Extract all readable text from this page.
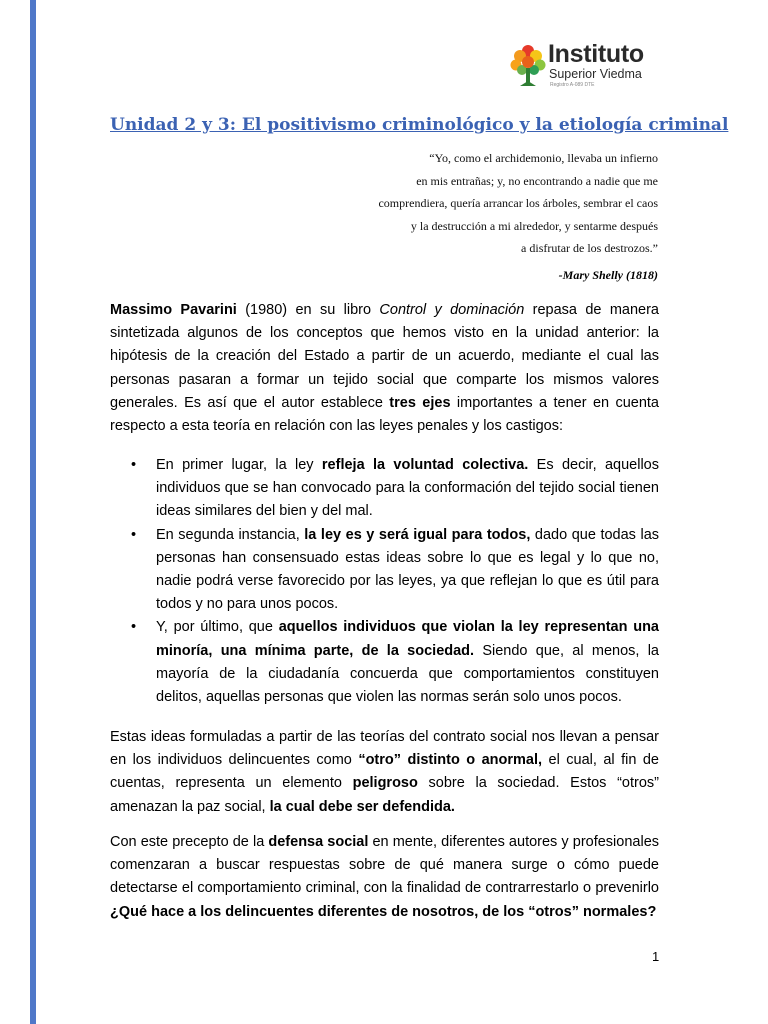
Instituto
Superior Viedma
Registro A-089 DTE
Unidad 2 y 3: El positivismo criminológico y la etiología criminal
“Yo, como el archidemonio, llevaba un infierno
en mis entrañas; y, no encontrando a nadie que me
comprendiera, quería arrancar los árboles, sembrar el caos
y la destrucción a mi alrededor, y sentarme después
a disfrutar de los destrozos.”
-Mary Shelly (1818)

Massimo Pavarini (1980) en su libro Control y dominación repasa de manera sintetizada algunos de los conceptos que hemos visto en la unidad anterior: la hipótesis de la creación del Estado a partir de un acuerdo, mediante el cual las personas pasaran a formar un tejido social que comparte los mismos valores generales. Es así que el autor establece tres ejes importantes a tener en cuenta respecto a esta teoría en relación con las leyes penales y los castigos:

• En primer lugar, la ley refleja la voluntad colectiva. Es decir, aquellos individuos que se han convocado para la conformación del tejido social tienen ideas similares del bien y del mal.
• En segunda instancia, la ley es y será igual para todos, dado que todas las personas han consensuado estas ideas sobre lo que es legal y lo que no, nadie podrá verse favorecido por las leyes, ya que reflejan lo que es útil para todos y no para unos pocos.
• Y, por último, que aquellos individuos que violan la ley representan una minoría, una mínima parte, de la sociedad. Siendo que, al menos, la mayoría de la ciudadanía concuerda que comportamientos constituyen delitos, aquellas personas que violen las normas serán solo unos pocos.

Estas ideas formuladas a partir de las teorías del contrato social nos llevan a pensar en los individuos delincuentes como “otro” distinto o anormal, el cual, al fin de cuentas, representa un elemento peligroso sobre la sociedad. Estos “otros” amenazan la paz social, la cual debe ser defendida.

Con este precepto de la defensa social en mente, diferentes autores y profesionales comenzaran a buscar respuestas sobre de qué manera surge o cómo puede detectarse el comportamiento criminal, con la finalidad de contrarrestarlo o prevenirlo ¿Qué hace a los delincuentes diferentes de nosotros, de los “otros” normales?

1
